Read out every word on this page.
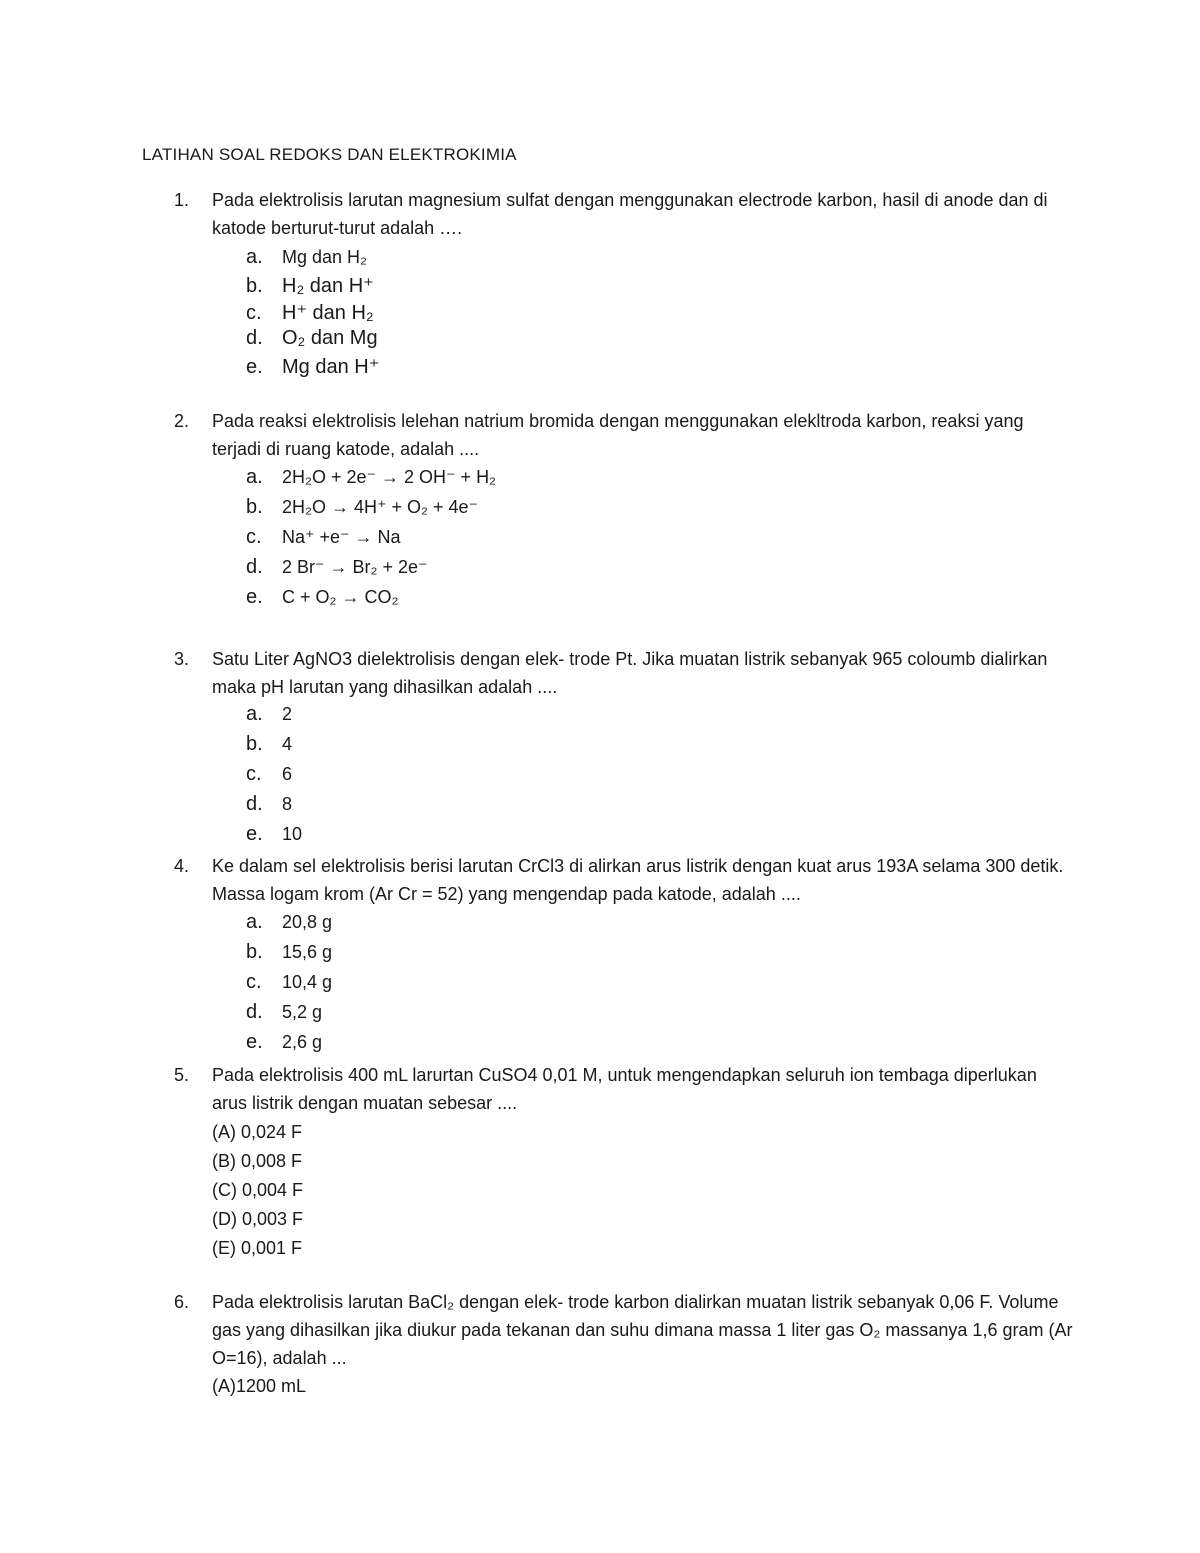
LATIHAN SOAL REDOKS DAN ELEKTROKIMIA
1. Pada elektrolisis larutan magnesium sulfat dengan menggunakan electrode karbon, hasil di anode dan di katode berturut-turut adalah ….
a. Mg dan H₂
b. H₂ dan H⁺
c. H⁺ dan H₂
d. O₂ dan Mg
e. Mg dan H⁺
2. Pada reaksi elektrolisis lelehan natrium bromida dengan menggunakan elekltroda karbon, reaksi yang terjadi di ruang katode, adalah ....
a. 2H₂O + 2e⁻ → 2 OH⁻ + H₂
b. 2H₂O → 4H⁺ + O₂ + 4e⁻
c. Na⁺ +e⁻ → Na
d. 2 Br⁻ → Br₂ + 2e⁻
e. C + O₂ → CO₂
3. Satu Liter AgNO3 dielektrolisis dengan elek- trode Pt. Jika muatan listrik sebanyak 965 coloumb dialirkan maka pH larutan yang dihasilkan adalah ....
a. 2
b. 4
c. 6
d. 8
e. 10
4. Ke dalam sel elektrolisis berisi larutan CrCl3 di alirkan arus listrik dengan kuat arus 193A selama 300 detik. Massa logam krom (Ar Cr = 52) yang mengendap pada katode, adalah ....
a. 20,8 g
b. 15,6 g
c. 10,4 g
d. 5,2 g
e. 2,6 g
5. Pada elektrolisis 400 mL larurtan CuSO4 0,01 M, untuk mengendapkan seluruh ion tembaga diperlukan arus listrik dengan muatan sebesar ....
(A) 0,024 F
(B) 0,008 F
(C) 0,004 F
(D) 0,003 F
(E) 0,001 F
6. Pada elektrolisis larutan BaCl₂ dengan elek- trode karbon dialirkan muatan listrik sebanyak 0,06 F. Volume gas yang dihasilkan jika diukur pada tekanan dan suhu dimana massa 1 liter gas O₂ massanya 1,6 gram (Ar O=16), adalah ...
(A)1200 mL
